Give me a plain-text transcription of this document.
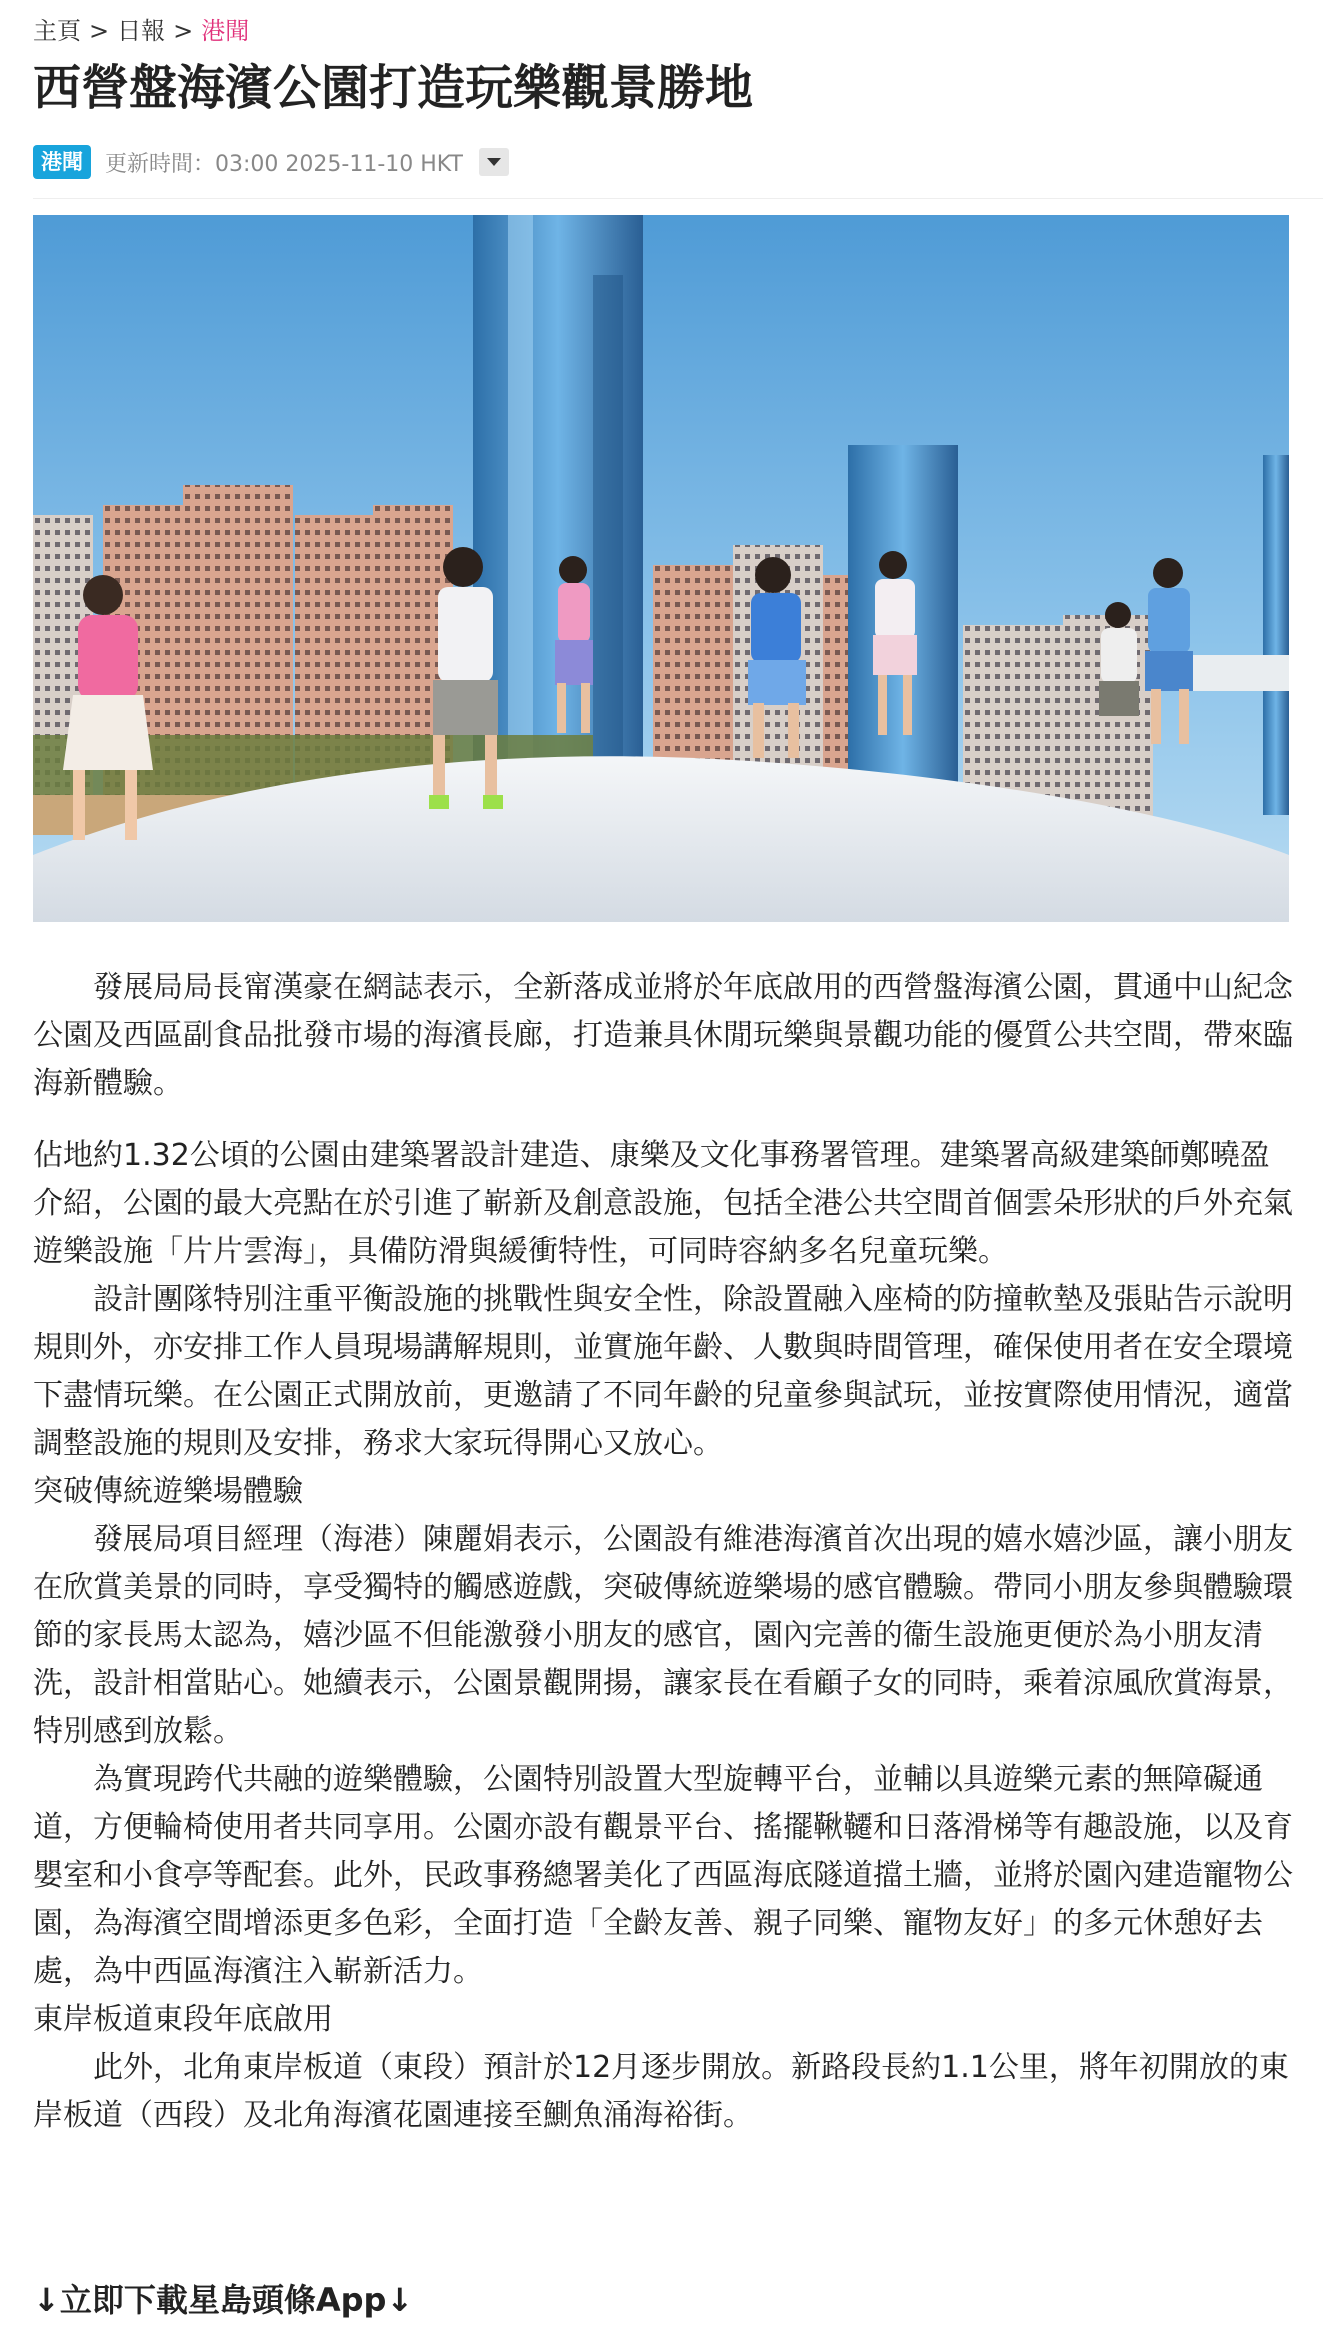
主頁 > 日報 > 港聞
西營盤海濱公園打造玩樂觀景勝地
港聞	更新時間：03:00 2025-11-10 HKT

發展局局長甯漢豪在網誌表示，全新落成並將於年底啟用的西營盤海濱公園，貫通中山紀念公園及西區副食品批發市場的海濱長廊，打造兼具休閒玩樂與景觀功能的優質公共空間，帶來臨海新體驗。

佔地約1.32公頃的公園由建築署設計建造、康樂及文化事務署管理。建築署高級建築師鄭曉盈介紹，公園的最大亮點在於引進了嶄新及創意設施，包括全港公共空間首個雲朵形狀的戶外充氣遊樂設施「片片雲海」，具備防滑與緩衝特性，可同時容納多名兒童玩樂。

設計團隊特別注重平衡設施的挑戰性與安全性，除設置融入座椅的防撞軟墊及張貼告示說明規則外，亦安排工作人員現場講解規則，並實施年齡、人數與時間管理，確保使用者在安全環境下盡情玩樂。在公園正式開放前，更邀請了不同年齡的兒童參與試玩，並按實際使用情況，適當調整設施的規則及安排，務求大家玩得開心又放心。

突破傳統遊樂場體驗

發展局項目經理（海港）陳麗娟表示，公園設有維港海濱首次出現的嬉水嬉沙區，讓小朋友在欣賞美景的同時，享受獨特的觸感遊戲，突破傳統遊樂場的感官體驗。帶同小朋友參與體驗環節的家長馬太認為，嬉沙區不但能激發小朋友的感官，園內完善的衞生設施更便於為小朋友清洗，設計相當貼心。她續表示，公園景觀開揚，讓家長在看顧子女的同時，乘着涼風欣賞海景，特別感到放鬆。

為實現跨代共融的遊樂體驗，公園特別設置大型旋轉平台，並輔以具遊樂元素的無障礙通道，方便輪椅使用者共同享用。公園亦設有觀景平台、搖擺鞦韆和日落滑梯等有趣設施，以及育嬰室和小食亭等配套。此外，民政事務總署美化了西區海底隧道擋土牆，並將於園內建造寵物公園，為海濱空間增添更多色彩，全面打造「全齡友善、親子同樂、寵物友好」的多元休憩好去處，為中西區海濱注入嶄新活力。

東岸板道東段年底啟用

此外，北角東岸板道（東段）預計於12月逐步開放。新路段長約1.1公里，將年初開放的東岸板道（西段）及北角海濱花園連接至鰂魚涌海裕街。

↓立即下載星島頭條App↓
